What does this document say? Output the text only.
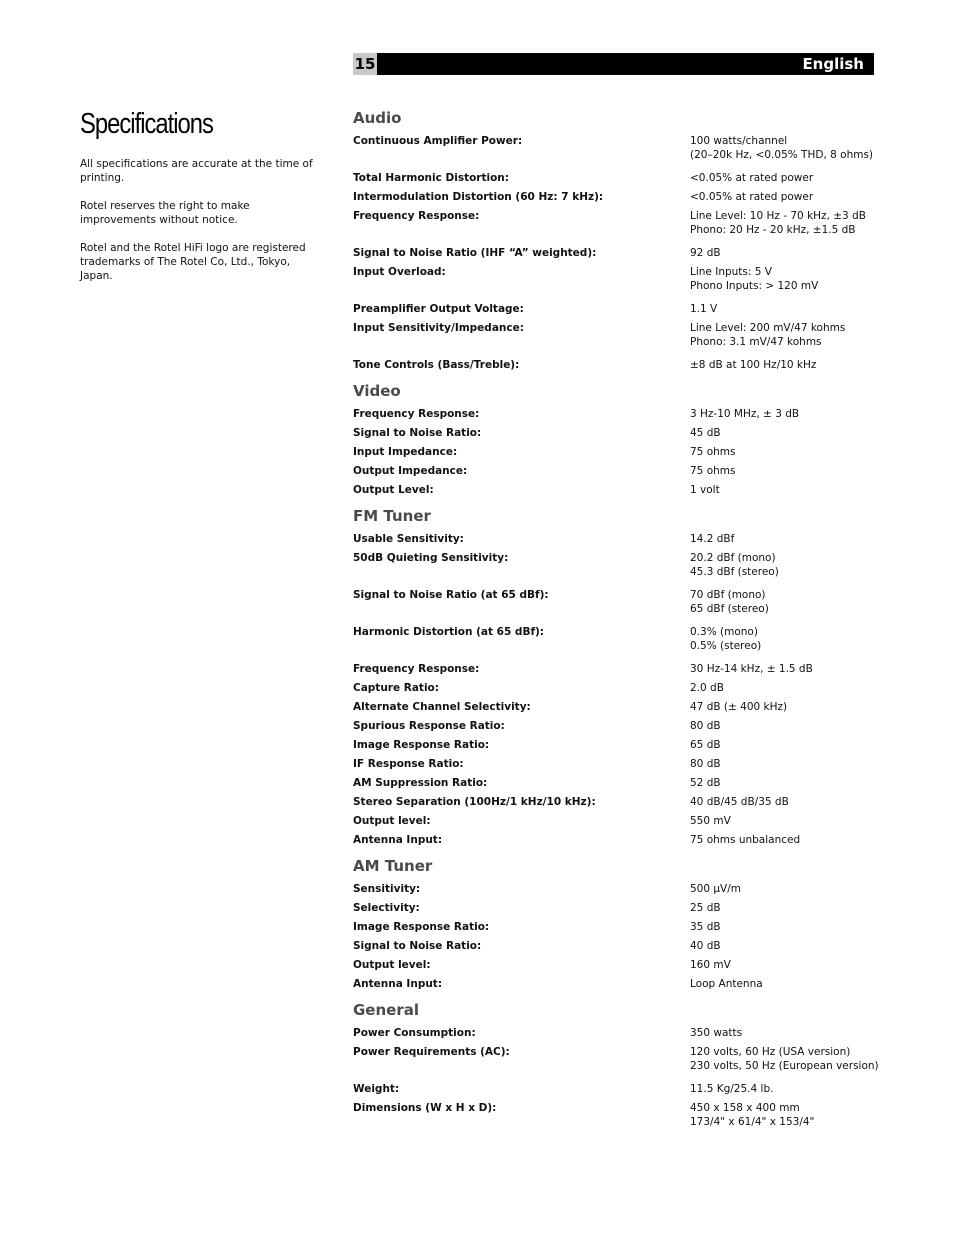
15	English
Specifications

All specifications are accurate at the time of printing.

Rotel reserves the right to make improvements without notice.

Rotel and the Rotel HiFi logo are registered trademarks of The Rotel Co, Ltd., Tokyo, Japan.

Audio
Continuous Amplifier Power:	100 watts/channel
(20–20k Hz, <0.05% THD, 8 ohms)
Total Harmonic Distortion:	<0.05% at rated power
Intermodulation Distortion (60 Hz: 7 kHz):	<0.05% at rated power
Frequency Response:	Line Level: 10 Hz - 70 kHz, ±3 dB
Phono: 20 Hz - 20 kHz, ±1.5 dB
Signal to Noise Ratio (IHF “A” weighted):	92 dB
Input Overload:	Line Inputs: 5 V
Phono Inputs: > 120 mV
Preamplifier Output Voltage:	1.1 V
Input Sensitivity/Impedance:	Line Level: 200 mV/47 kohms
Phono: 3.1 mV/47 kohms
Tone Controls (Bass/Treble):	±8 dB at 100 Hz/10 kHz
Video
Frequency Response:	3 Hz-10 MHz, ± 3 dB
Signal to Noise Ratio:	45 dB
Input Impedance:	75 ohms
Output Impedance:	75 ohms
Output Level:	1 volt
FM Tuner
Usable Sensitivity:	14.2 dBf
50dB Quieting Sensitivity:	20.2 dBf (mono)
45.3 dBf (stereo)
Signal to Noise Ratio (at 65 dBf):	70 dBf (mono)
65 dBf (stereo)
Harmonic Distortion (at 65 dBf):	0.3% (mono)
0.5% (stereo)
Frequency Response:	30 Hz-14 kHz, ± 1.5 dB
Capture Ratio:	2.0 dB
Alternate Channel Selectivity:	47 dB (± 400 kHz)
Spurious Response Ratio:	80 dB
Image Response Ratio:	65 dB
IF Response Ratio:	80 dB
AM Suppression Ratio:	52 dB
Stereo Separation (100Hz/1 kHz/10 kHz):	40 dB/45 dB/35 dB
Output level:	550 mV
Antenna Input:	75 ohms unbalanced
AM Tuner
Sensitivity:	500 µV/m
Selectivity:	25 dB
Image Response Ratio:	35 dB
Signal to Noise Ratio:	40 dB
Output level:	160 mV
Antenna Input:	Loop Antenna
General
Power Consumption:	350 watts
Power Requirements (AC):	120 volts, 60 Hz (USA version)
230 volts, 50 Hz (European version)
Weight:	11.5 Kg/25.4 lb.
Dimensions (W x H x D):	450 x 158 x 400 mm
173/4" x 61/4" x 153/4"
